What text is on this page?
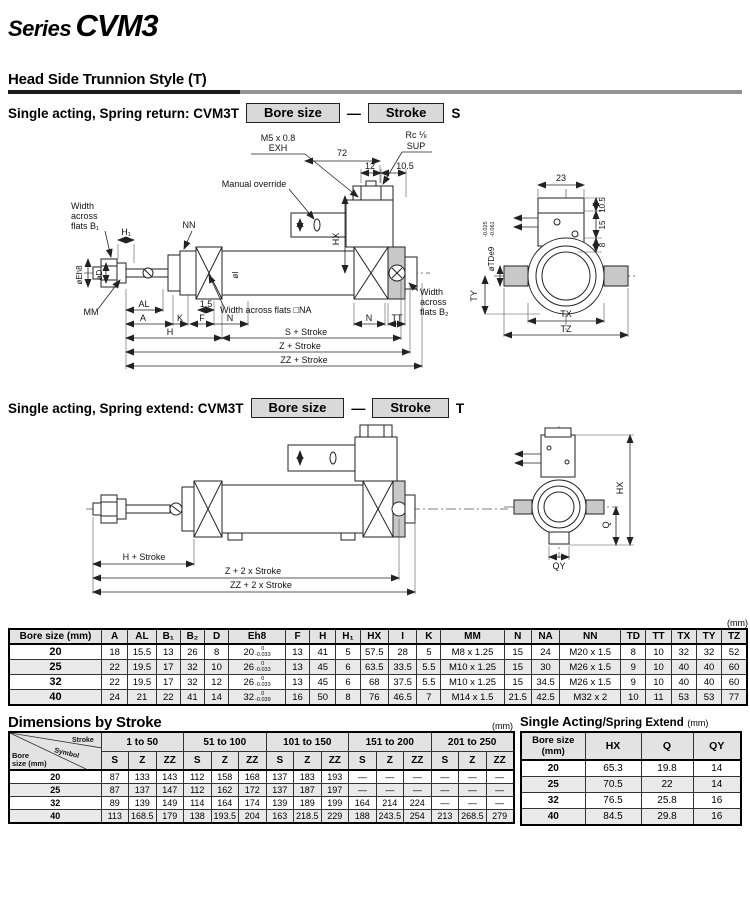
Series CVM3
Head Side Trunnion Style (T)
Single acting, Spring return: CVM3T	Bore size	—	Stroke	S
M5 x 0.8
EXH	72
Rc ⅛
SUP
12 10.5
Manual override
HX
Width
across
flats B₁
H₁
NN
øEh8 øD	øI
MM
AL	1.5
Width across flats □NA
A	K F N	N TT
H	S + Stroke
Z + Stroke
ZZ + Stroke
Width
across
flats B₂
23
10.5
15
8
øTDe9
-0.025 -0.061
TY
TX
TZ
Single acting, Spring extend: CVM3T	Bore size	—	Stroke	T
H + Stroke
Z + 2 x Stroke
ZZ + 2 x Stroke
HX
Q
QY
(mm)
Bore size (mm)	A	AL	B₁	B₂	D	Eh8	F	H	H₁	HX	I	K	MM	N	NA	NN	TD	TT	TX	TY	TZ
20	18	15.5	13	26	8	20 0
-0.033	13	41	5	57.5	28	5	M8 x 1.25	15	24	M20 x 1.5	8	10	32	32	52
25	22	19.5	17	32	10	26 0
-0.033	13	45	6	63.5	33.5	5.5	M10 x 1.25	15	30	M26 x 1.5	9	10	40	40	60
32	22	19.5	17	32	12	26 0
-0.033	13	45	6	68	37.5	5.5	M10 x 1.25	15	34.5	M26 x 1.5	9	10	40	40	60
40	24	21	22	41	14	32 0
-0.039	16	50	8	76	46.5	7	M14 x 1.5	21.5	42.5	M32 x 2	10	11	53	53	77
Dimensions by Stroke	(mm)
Stroke
Symbol
Bore
size (mm)	1 to 50			51 to 100			101 to 150			151 to 200			201 to 250		
	S	Z	ZZ	S	Z	ZZ	S	Z	ZZ	S	Z	ZZ	S	Z	ZZ
20	87	133	143	112	158	168	137	183	193	—	—	—	—	—	—
25	87	137	147	112	162	172	137	187	197	—	—	—	—	—	—
32	89	139	149	114	164	174	139	189	199	164	214	224	—	—	—
40	113	168.5	179	138	193.5	204	163	218.5	229	188	243.5	254	213	268.5	279
Single Acting/Spring Extend (mm)
Bore size (mm)	HX	Q	QY
20	65.3	19.8	14
25	70.5	22	14
32	76.5	25.8	16
40	84.5	29.8	16
